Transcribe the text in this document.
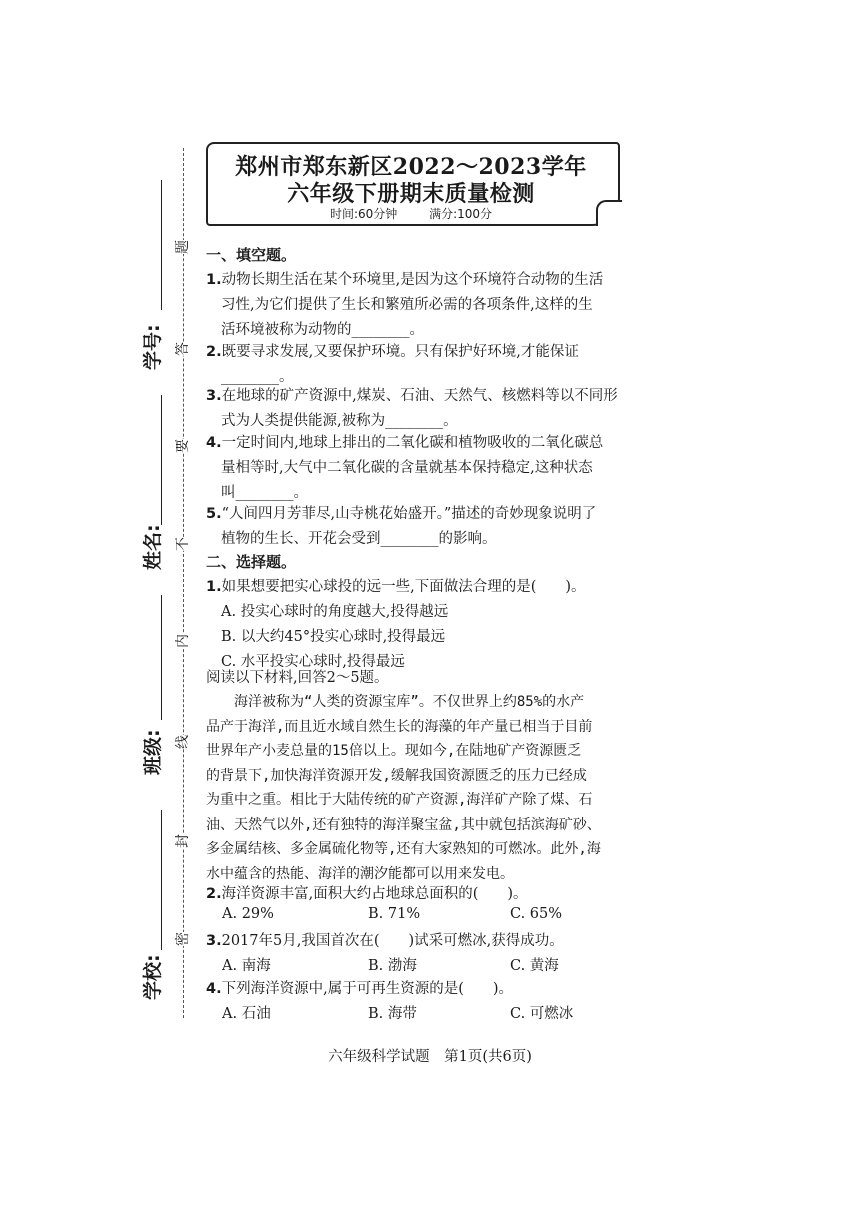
学号:
姓名:
班级:
学校:
题
答
要
不
内
线
封
密
郑州市郑东新区2022～2023学年
六年级下册期末质量检测
时间:60分钟	满分:100分
一、填空题。
1.动物长期生活在某个环境里,是因为这个环境符合动物的生活
习性,为它们提供了生长和繁殖所必需的各项条件,这样的生
活环境被称为动物的________。
2.既要寻求发展,又要保护环境。只有保护好环境,才能保证
________。
3.在地球的矿产资源中,煤炭、石油、天然气、核燃料等以不同形
式为人类提供能源,被称为________。
4.一定时间内,地球上排出的二氧化碳和植物吸收的二氧化碳总
量相等时,大气中二氧化碳的含量就基本保持稳定,这种状态
叫________。
5.“人间四月芳菲尽,山寺桃花始盛开。”描述的奇妙现象说明了
植物的生长、开花会受到________的影响。
二、选择题。
1.如果想要把实心球投的远一些,下面做法合理的是(　　)。
A. 投实心球时的角度越大,投得越远
B. 以大约45°投实心球时,投得最远
C. 水平投实心球时,投得最远
阅读以下材料,回答2～5题。
　　海洋被称为“人类的资源宝库”。不仅世界上约85%的水产
品产于海洋,而且近水域自然生长的海藻的年产量已相当于目前
世界年产小麦总量的15倍以上。现如今,在陆地矿产资源匮乏
的背景下,加快海洋资源开发,缓解我国资源匮乏的压力已经成
为重中之重。相比于大陆传统的矿产资源,海洋矿产除了煤、石
油、天然气以外,还有独特的海洋聚宝盆,其中就包括滨海矿砂、
多金属结核、多金属硫化物等,还有大家熟知的可燃冰。此外,海
水中蕴含的热能、海洋的潮汐能都可以用来发电。
2.海洋资源丰富,面积大约占地球总面积的(　　)。
A. 29%	B. 71%	C. 65%
3.2017年5月,我国首次在(　　)试采可燃冰,获得成功。
A. 南海	B. 渤海	C. 黄海
4.下列海洋资源中,属于可再生资源的是(　　)。
A. 石油	B. 海带	C. 可燃冰
六年级科学试题　第1页(共6页)
